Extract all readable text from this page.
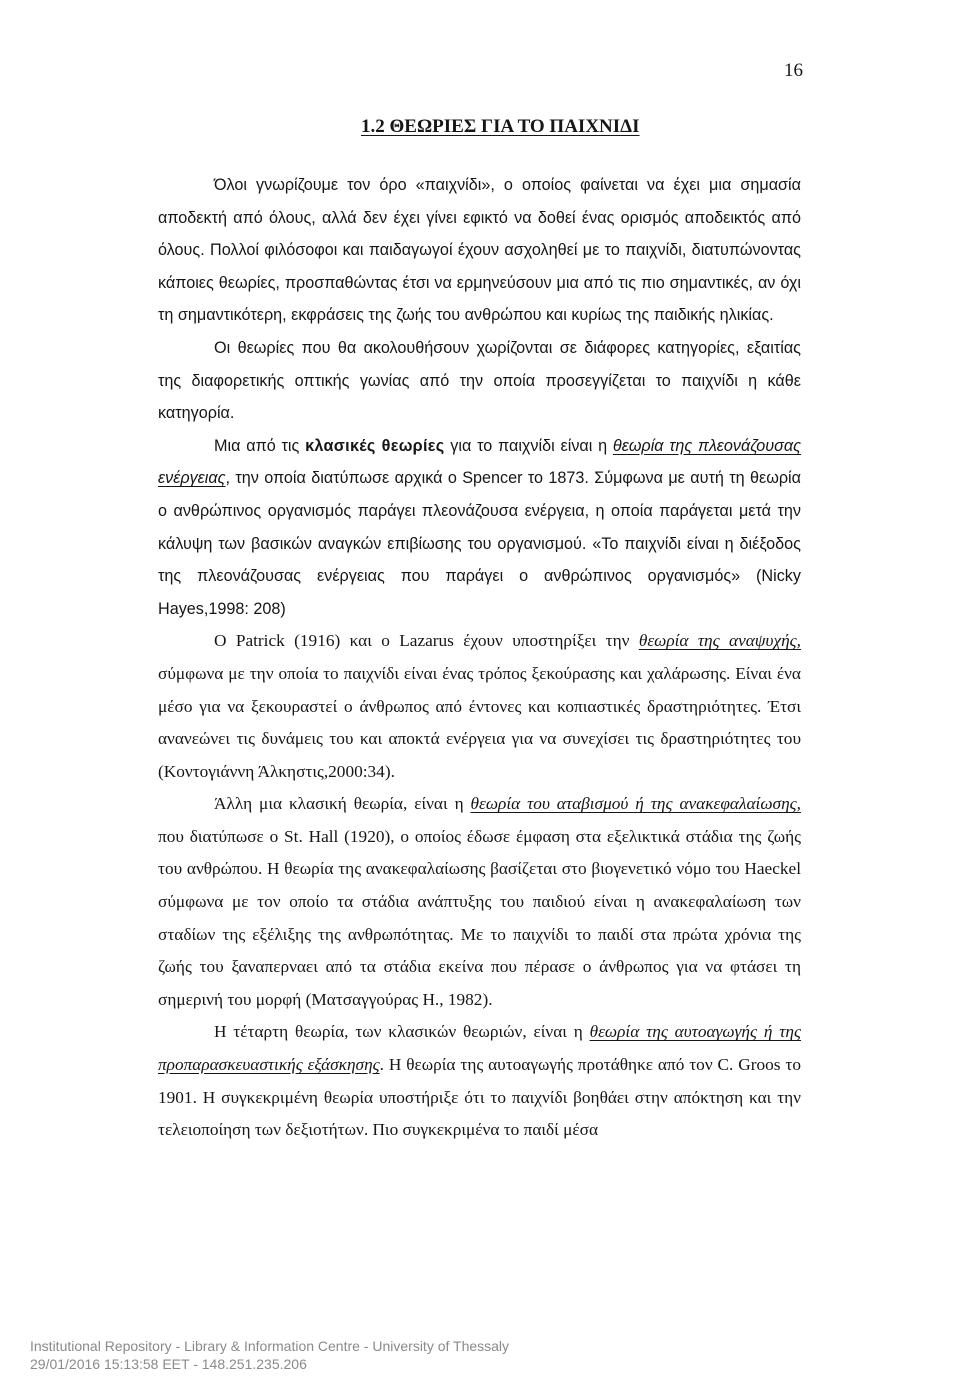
16
1.2 ΘΕΩΡΙΕΣ ΓΙΑ ΤΟ ΠΑΙΧΝΙΔΙ

Όλοι γνωρίζουμε τον όρο «παιχνίδι», ο οποίος φαίνεται να έχει μια σημασία αποδεκτή από όλους, αλλά δεν έχει γίνει εφικτό να δοθεί ένας ορισμός αποδεικτός από όλους. Πολλοί φιλόσοφοι και παιδαγωγοί έχουν ασχοληθεί με το παιχνίδι, διατυπώνοντας κάποιες θεωρίες, προσπαθώντας έτσι να ερμηνεύσουν μια από τις πιο σημαντικές, αν όχι τη σημαντικότερη, εκφράσεις της ζωής του ανθρώπου και κυρίως της παιδικής ηλικίας.

Οι θεωρίες που θα ακολουθήσουν χωρίζονται σε διάφορες κατηγορίες, εξαιτίας της διαφορετικής οπτικής γωνίας από την οποία προσεγγίζεται το παιχνίδι η κάθε κατηγορία.

Μια από τις κλασικές θεωρίες για το παιχνίδι είναι η θεωρία της πλεονάζουσας ενέργειας, την οποία διατύπωσε αρχικά ο Spencer το 1873. Σύμφωνα με αυτή τη θεωρία ο ανθρώπινος οργανισμός παράγει πλεονάζουσα ενέργεια, η οποία παράγεται μετά την κάλυψη των βασικών αναγκών επιβίωσης του οργανισμού. «Το παιχνίδι είναι η διέξοδος της πλεονάζουσας ενέργειας που παράγει ο ανθρώπινος οργανισμός» (Nicky Hayes,1998: 208)

Ο Patrick (1916) και ο Lazarus έχουν υποστηρίξει την θεωρία της αναψυχής, σύμφωνα με την οποία το παιχνίδι είναι ένας τρόπος ξεκούρασης και χαλάρωσης. Είναι ένα μέσο για να ξεκουραστεί ο άνθρωπος από έντονες και κοπιαστικές δραστηριότητες. Έτσι ανανεώνει τις δυνάμεις του και αποκτά ενέργεια για να συνεχίσει τις δραστηριότητες του (Κοντογιάννη Άλκηστις,2000:34).

Άλλη μια κλασική θεωρία, είναι η θεωρία του αταβισμού ή της ανακεφαλαίωσης, που διατύπωσε ο St. Hall (1920), ο οποίος έδωσε έμφαση στα εξελικτικά στάδια της ζωής του ανθρώπου. Η θεωρία της ανακεφαλαίωσης βασίζεται στο βιογενετικό νόμο του Haeckel σύμφωνα με τον οποίο τα στάδια ανάπτυξης του παιδιού είναι η ανακεφαλαίωση των σταδίων της εξέλιξης της ανθρωπότητας. Με το παιχνίδι το παιδί στα πρώτα χρόνια της ζωής του ξαναπερναει από τα στάδια εκείνα που πέρασε ο άνθρωπος για να φτάσει τη σημερινή του μορφή (Ματσαγγούρας Η., 1982).

Η τέταρτη θεωρία, των κλασικών θεωριών, είναι η θεωρία της αυτοαγωγής ή της προπαρασκευαστικής εξάσκησης. Η θεωρία της αυτοαγωγής προτάθηκε από τον C. Groos το 1901. Η συγκεκριμένη θεωρία υποστήριξε ότι το παιχνίδι βοηθάει στην απόκτηση και την τελειοποίηση των δεξιοτήτων. Πιο συγκεκριμένα το παιδί μέσα

Institutional Repository - Library & Information Centre - University of Thessaly
29/01/2016 15:13:58 EET - 148.251.235.206
